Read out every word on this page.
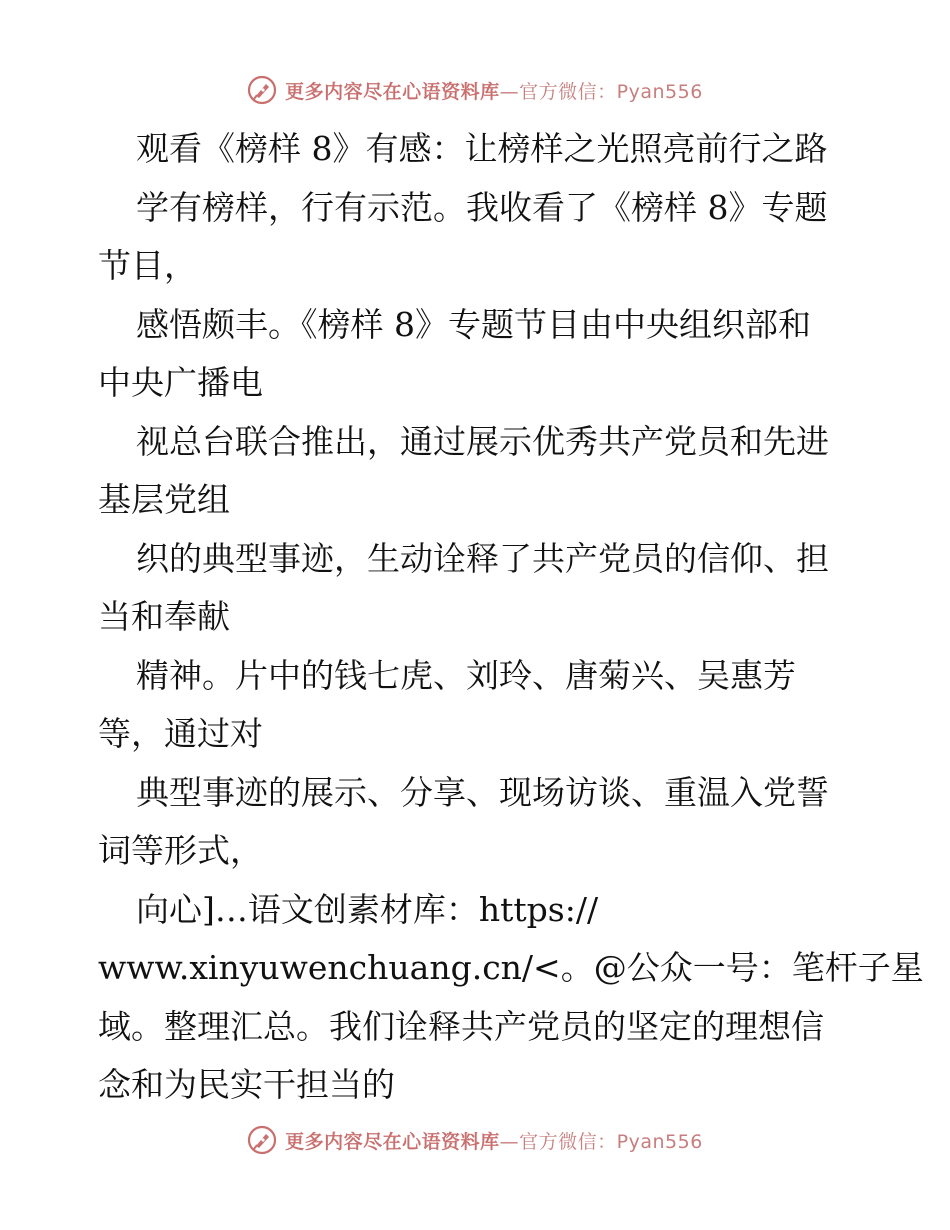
更多内容尽在心语资料库—官方微信：Pyan556
观看《榜样 8》有感：让榜样之光照亮前行之路
学有榜样，行有示范。我收看了《榜样 8》专题
节目，
感悟颇丰。《榜样 8》专题节目由中央组织部和
中央广播电
视总台联合推出，通过展示优秀共产党员和先进
基层党组
织的典型事迹，生动诠释了共产党员的信仰、担
当和奉献
精神。片中的钱七虎、刘玲、唐菊兴、吴惠芳
等，通过对
典型事迹的展示、分享、现场访谈、重温入党誓
词等形式，
向心]…语文创素材库：https://
www.xinyuwenchuang.cn/<。@公众一号：笔杆子星
域。整理汇总。我们诠释共产党员的坚定的理想信
念和为民实干担当的
更多内容尽在心语资料库—官方微信：Pyan556
